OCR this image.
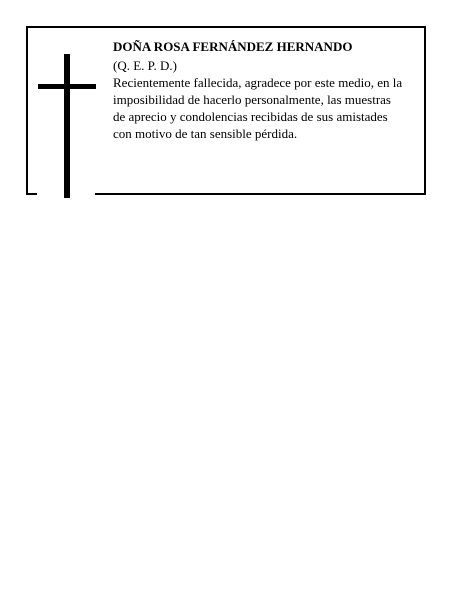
DOÑA ROSA FERNÁNDEZ HERNANDO
(Q. E. P. D.)
Recientemente fallecida, agradece por este medio, en la
imposibilidad de hacerlo personalmente, las muestras
de aprecio y condolencias recibidas de sus amistades
con motivo de tan sensible pérdida.
